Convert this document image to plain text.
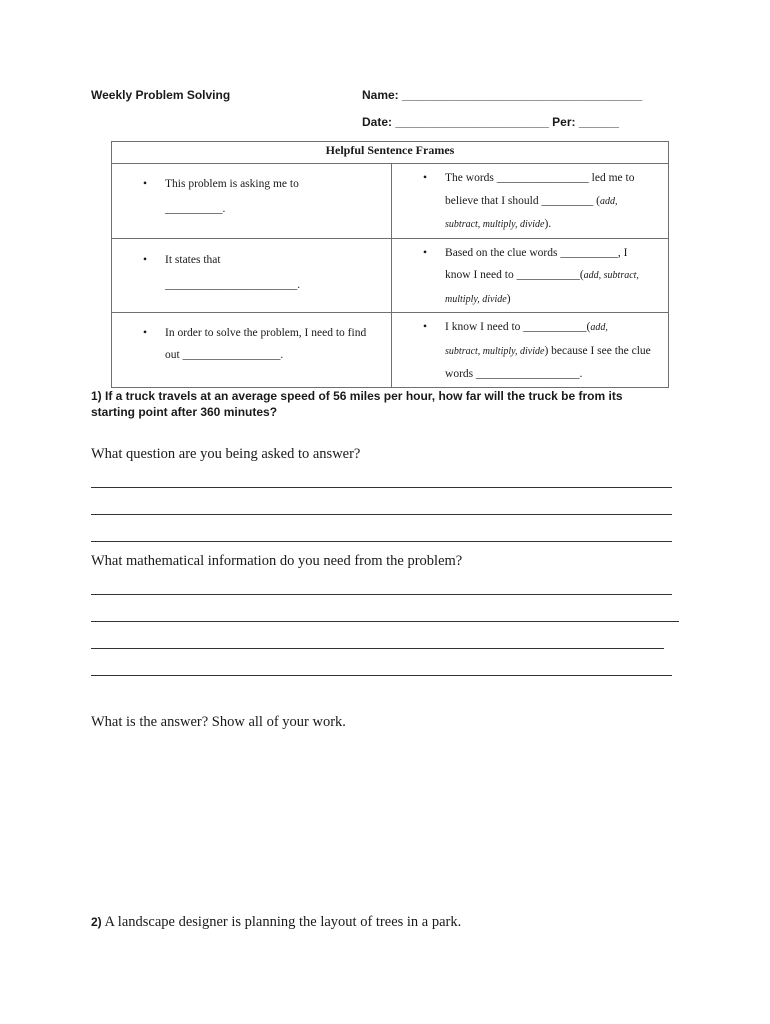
Weekly Problem Solving	Name: ____________________________________
Date: _______________________ Per: ______
Helpful Sentence Frames	

• This problem is asking me to
__________.	• The words ________________ led me to
believe that I should _________ (add,
subtract, multiply, divide).

• It states that
_______________________.	• Based on the clue words __________, I
know I need to ___________(add, subtract,
multiply, divide)

• In order to solve the problem, I need to find
out _________________.	• I know I need to ___________(add,
subtract, multiply, divide) because I see the clue
words __________________.
1) If a truck travels at an average speed of 56 miles per hour, how far will the truck be from its
starting point after 360 minutes?
What question are you being asked to answer?
What mathematical information do you need from the problem?
What is the answer? Show all of your work.
2) A landscape designer is planning the layout of trees in a park.
